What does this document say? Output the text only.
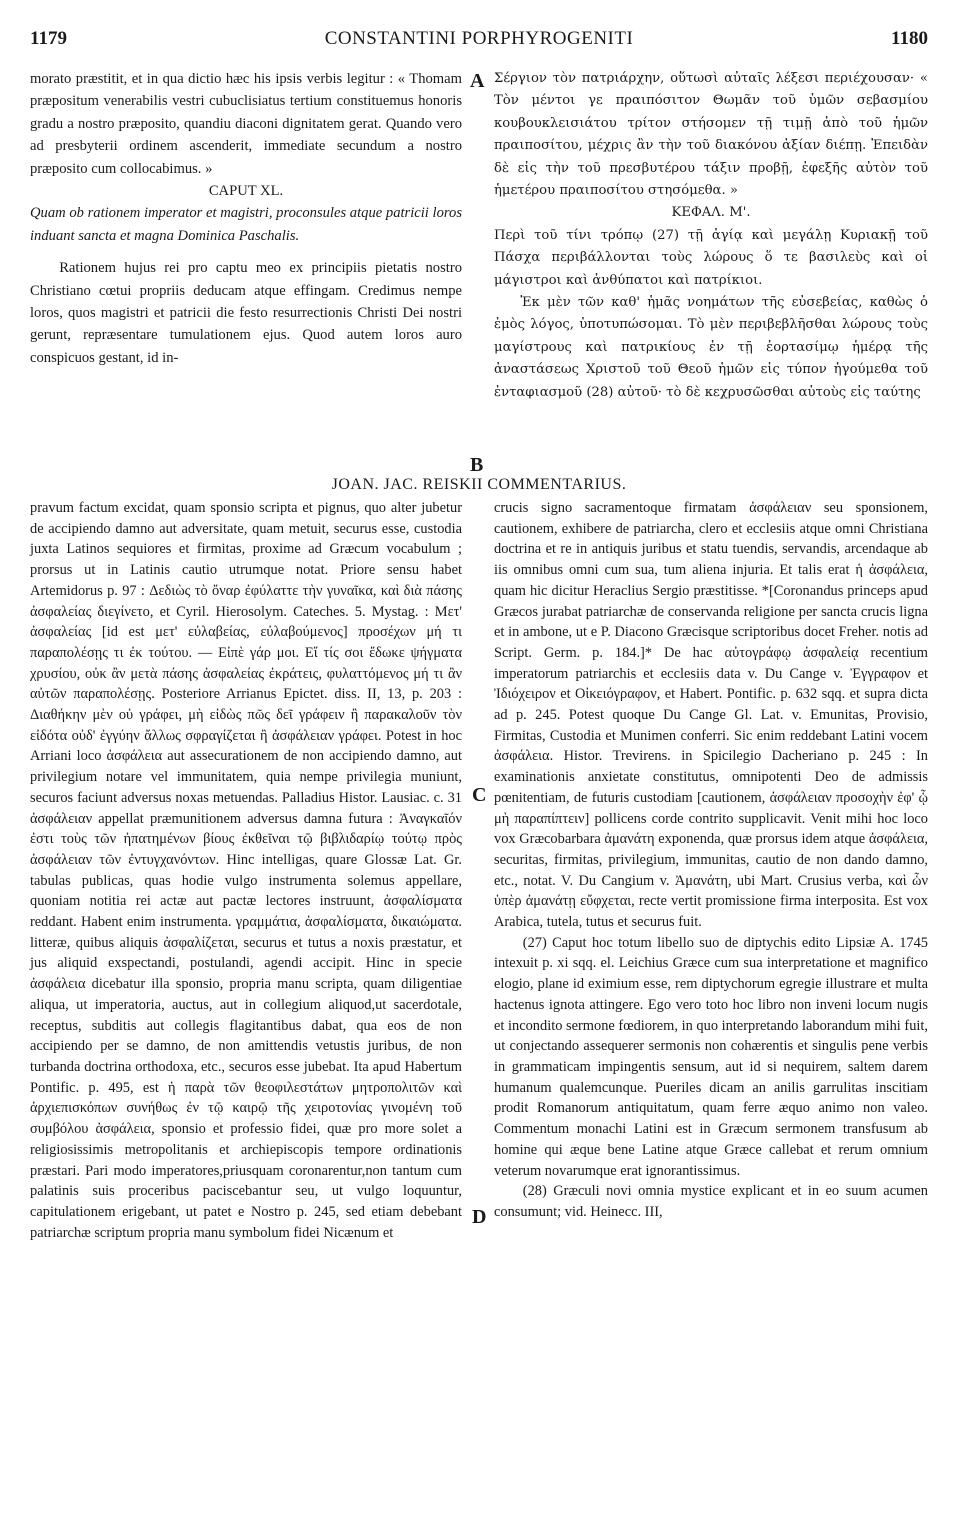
1179	CONSTANTINI PORPHYROGENITI	1180
A
B
C
D

morato præstitit, et in qua dictio hæc his ipsis verbis legitur : « Thomam præpositum venerabilis vestri cubuclisiatus tertium constituemus honoris gradu a nostro præposito, quandiu diaconi dignitatem gerat. Quando vero ad presbyterii ordinem ascenderit, immediate secundum a nostro præposito cum collocabimus. »

CAPUT XL.

Quam ob rationem imperator et magistri, proconsules atque patricii loros induant sancta et magna Dominica Paschalis.

Rationem hujus rei pro captu meo ex principiis pietatis nostro Christiano cœtui propriis deducam atque effingam. Credimus nempe loros, quos magistri et patricii die festo resurrectionis Christi Dei nostri gerunt, repræsentare tumulationem ejus. Quod autem loros auro conspicuos gestant, id in-

Σέργιον τὸν πατριάρχην, οὕτωσὶ αὐταῖς λέξεσι περιέχουσαν· « Τὸν μέντοι γε πραιπόσιτον Θωμᾶν τοῦ ὑμῶν σεβασμίου κουβουκλεισιάτου τρίτον στήσομεν τῇ τιμῇ ἀπὸ τοῦ ἡμῶν πραιποσίτου, μέχρις ἂν τὴν τοῦ διακόνου ἀξίαν διέπῃ. Ἐπειδὰν δὲ εἰς τὴν τοῦ πρεσβυτέρου τάξιν προβῇ, ἐφεξῆς αὐτὸν τοῦ ἡμετέρου πραιποσίτου στησόμεθα. »

ΚΕΦΑΛ. Μ'.

Περὶ τοῦ τίνι τρόπῳ (27) τῇ ἁγίᾳ καὶ μεγάλῃ Κυριακῇ τοῦ Πάσχα περιβάλλονται τοὺς λώρους ὅ τε βασιλεὺς καὶ οἱ μάγιστροι καὶ ἀνθύπατοι καὶ πατρίκιοι.

Ἐκ μὲν τῶν καθ' ἡμᾶς νοημάτων τῆς εὐσεβείας, καθὼς ὁ ἐμὸς λόγος, ὑποτυπώσομαι. Τὸ μὲν περιβεβλῆσθαι λώρους τοὺς μαγίστρους καὶ πατρικίους ἐν τῇ ἑορτασίμῳ ἡμέρᾳ τῆς ἀναστάσεως Χριστοῦ τοῦ Θεοῦ ἡμῶν εἰς τύπον ἡγούμεθα τοῦ ἐνταφιασμοῦ (28) αὐτοῦ· τὸ δὲ κεχρυσῶσθαι αὐτοὺς εἰς ταύτης

JOAN. JAC. REISKII COMMENTARIUS.

pravum factum excidat, quam sponsio scripta et pignus, quo alter jubetur de accipiendo damno aut adversitate, quam metuit, securus esse, custodia juxta Latinos sequiores et firmitas, proxime ad Græcum vocabulum ; prorsus ut in Latinis cautio utrumque notat. Priore sensu habet Artemidorus p. 97 : Δεδιὼς τὸ ὄναρ ἐφύλαττε τὴν γυναῖκα, καὶ διὰ πάσης ἀσφαλείας διεγίνετο, et Cyril. Hierosolym. Cateches. 5. Mystag. : Μετ' ἀσφαλείας [id est μετ' εὐλαβείας, εὐλαβούμενος] προσέχων μή τι παραπολέσῃς τι ἐκ τούτου. — Εἰπὲ γάρ μοι. Εἴ τίς σοι ἔδωκε ψήγματα χρυσίου, οὐκ ἂν μετὰ πάσης ἀσφαλείας ἐκράτεις, φυλαττόμενος μή τι ἂν αὐτῶν παραπολέσῃς. Posteriore Arrianus Epictet. diss. II, 13, p. 203 : Διαθήκην μὲν οὐ γράφει, μὴ εἰδὼς πῶς δεῖ γράφειν ἢ παρακαλοῦν τὸν εἰδότα οὐδ' ἐγγύην ἄλλως σφραγίζεται ἢ ἀσφάλειαν γράφει. Potest in hoc Arriani loco ἀσφάλεια aut assecurationem de non accipiendo damno, aut privilegium notare vel immunitatem, quia nempe privilegia muniunt, securos faciunt adversus noxas metuendas. Palladius Histor. Lausiac. c. 31 ἀσφάλειαν appellat præmunitionem adversus damna futura : Ἀναγκαῖόν ἐστι τοὺς τῶν ἠπατημένων βίους ἐκθεῖναι τῷ βιβλιδαρίῳ τούτῳ πρὸς ἀσφάλειαν τῶν ἐντυγχανόντων. Hinc intelligas, quare Glossæ Lat. Gr. tabulas publicas, quas hodie vulgo instrumenta solemus appellare, quoniam notitia rei actæ aut pactæ lectores instruunt, ἀσφαλίσματα reddant. Habent enim instrumenta. γραμμάτια, ἀσφαλίσματα, δικαιώματα. litteræ, quibus aliquis ἀσφαλίζεται, securus et tutus a noxis præstatur, et jus aliquid exspectandi, postulandi, agendi accipit. Hinc in specie ἀσφάλεια dicebatur illa sponsio, propria manu scripta, quam diligentiae aliqua, ut imperatoria, auctus, aut in collegium aliquod,ut sacerdotale, receptus, subditis aut collegis flagitantibus dabat, qua eos de non accipiendo per se damno, de non amittendis vetustis juribus, de non turbanda doctrina orthodoxa, etc., securos esse jubebat. Ita apud Habertum Pontific. p. 495, est ἡ παρὰ τῶν θεοφιλεστάτων μητροπολιτῶν καὶ ἀρχιεπισκόπων συνήθως ἐν τῷ καιρῷ τῆς χειροτονίας γινομένη τοῦ συμβόλου ἀσφάλεια, sponsio et professio fidei, quæ pro more solet a religiosissimis metropolitanis et archiepiscopis tempore ordinationis præstari. Pari modo imperatores,priusquam coronarentur,non tantum cum palatinis suis proceribus paciscebantur seu, ut vulgo loquuntur, capitulationem erigebant, ut patet e Nostro p. 245, sed etiam debebant patriarchæ scriptum propria manu symbolum fidei Nicænum et

crucis signo sacramentoque firmatam ἀσφάλειαν seu sponsionem, cautionem, exhibere de patriarcha, clero et ecclesiis atque omni Christiana doctrina et re in antiquis juribus et statu tuendis, servandis, arcendaque ab iis omnibus omni cum sua, tum aliena injuria. Et talis erat ἡ ἀσφάλεια, quam hic dicitur Heraclius Sergio præstitisse. *[Coronandus princeps apud Græcos jurabat patriarchæ de conservanda religione per sancta crucis ligna et in ambone, ut e P. Diacono Græcisque scriptoribus docet Freher. notis ad Script. Germ. p. 184.]* De hac αὐτογράφῳ ἀσφαλείᾳ recentium imperatorum patriarchis et ecclesiis data v. Du Cange v. Ἐγγραφον et Ἰδιόχειρον et Οἰκειόγραφον, et Habert. Pontific. p. 632 sqq. et supra dicta ad p. 245. Potest quoque Du Cange Gl. Lat. v. Emunitas, Provisio, Firmitas, Custodia et Munimen conferri. Sic enim reddebant Latini vocem ἀσφάλεια. Histor. Trevirens. in Spicilegio Dacheriano p. 245 : In examinationis anxietate constitutus, omnipotenti Deo de admissis pœnitentiam, de futuris custodiam [cautionem, ἀσφάλειαν προσοχὴν ἐφ' ᾧ μὴ παραπίπτειν] pollicens corde contrito supplicavit. Venit mihi hoc loco vox Græcobarbara ἀμανάτη exponenda, quæ prorsus idem atque ἀσφάλεια, securitas, firmitas, privilegium, immunitas, cautio de non dando damno, etc., notat. V. Du Cangium v. Ἀμανάτη, ubi Mart. Crusius verba, καὶ ὧν ὑπὲρ ἀμανάτῃ εὔφχεται, recte vertit promissione firma interposita. Est vox Arabica, tutela, tutus et securus fuit.

(27) Caput hoc totum libello suo de diptychis edito Lipsiæ A. 1745 intexuit p. xi sqq. el. Leichius Græce cum sua interpretatione et magnifico elogio, plane id eximium esse, rem diptychorum egregie illustrare et multa hactenus ignota attingere. Ego vero toto hoc libro non inveni locum nugis et incondito sermone fœdiorem, in quo interpretando laborandum mihi fuit, ut conjectando assequerer sermonis non cohærentis et singulis pene verbis in grammaticam impingentis sensum, aut id si nequirem, saltem darem humanum qualemcunque. Pueriles dicam an anilis garrulitas inscitiam prodit Romanorum antiquitatum, quam ferre æquo animo non valeo. Commentum monachi Latini est in Græcum sermonem transfusum ab homine qui æque bene Latine atque Græce callebat et rerum omnium veterum novarumque erat ignorantissimus.

(28) Græculi novi omnia mystice explicant et in eo suum acumen consumunt; vid. Heinecc. III,
